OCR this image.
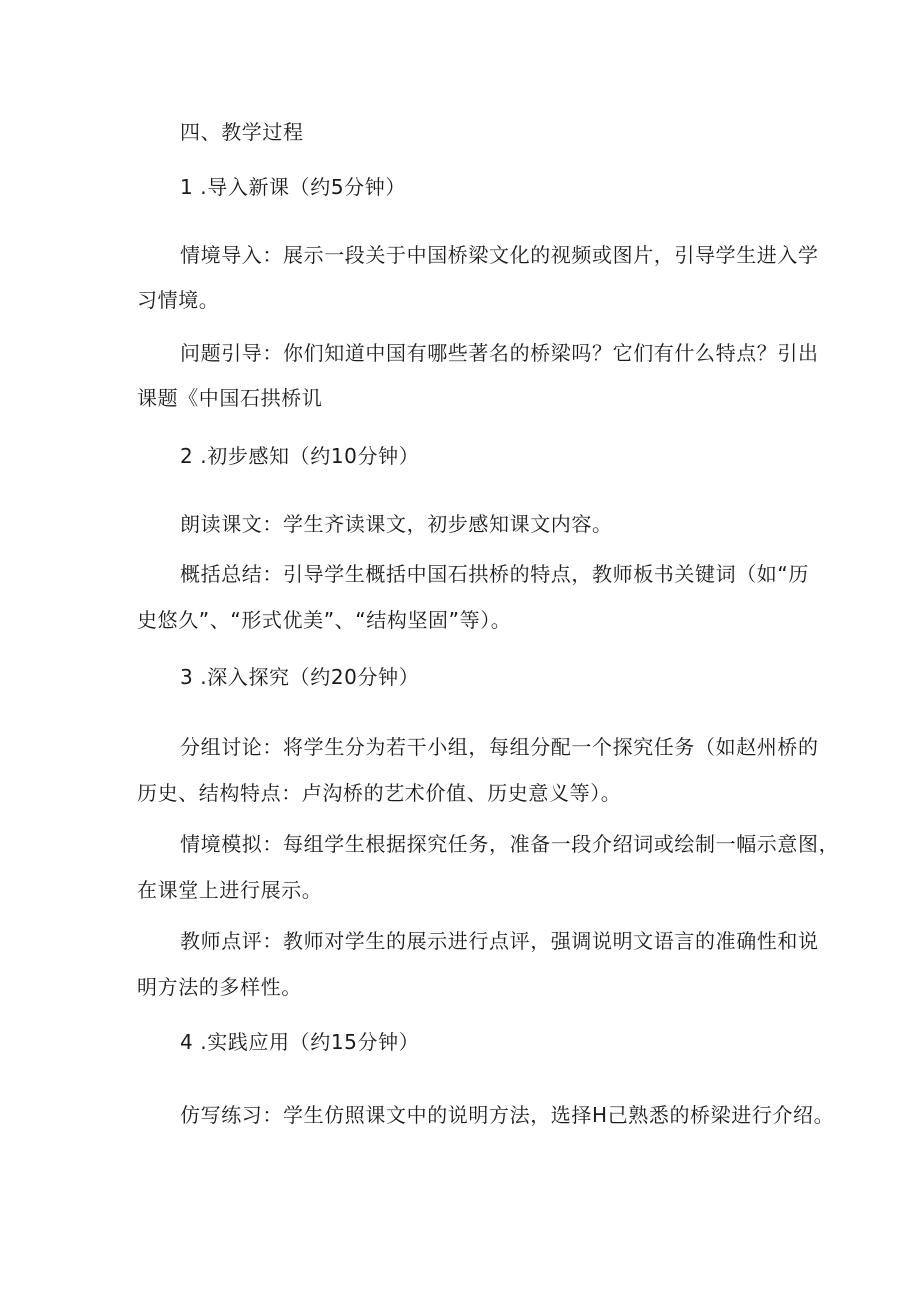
四、教学过程
1 .导入新课（约5分钟）
情境导入：展示一段关于中国桥梁文化的视频或图片，引导学生进入学
习情境。
问题引导：你们知道中国有哪些著名的桥梁吗？它们有什么特点？引出
课题《中国石拱桥讥
2 .初步感知（约10分钟）
朗读课文：学生齐读课文，初步感知课文内容。
概括总结：引导学生概括中国石拱桥的特点，教师板书关键词（如“历
史悠久”、“形式优美”、“结构坚固”等）。
3 .深入探究（约20分钟）
分组讨论：将学生分为若干小组，每组分配一个探究任务（如赵州桥的
历史、结构特点：卢沟桥的艺术价值、历史意义等）。
情境模拟：每组学生根据探究任务，准备一段介绍词或绘制一幅示意图，
在课堂上进行展示。
教师点评：教师对学生的展示进行点评，强调说明文语言的准确性和说
明方法的多样性。
4 .实践应用（约15分钟）
仿写练习：学生仿照课文中的说明方法，选择H己熟悉的桥梁进行介绍。
